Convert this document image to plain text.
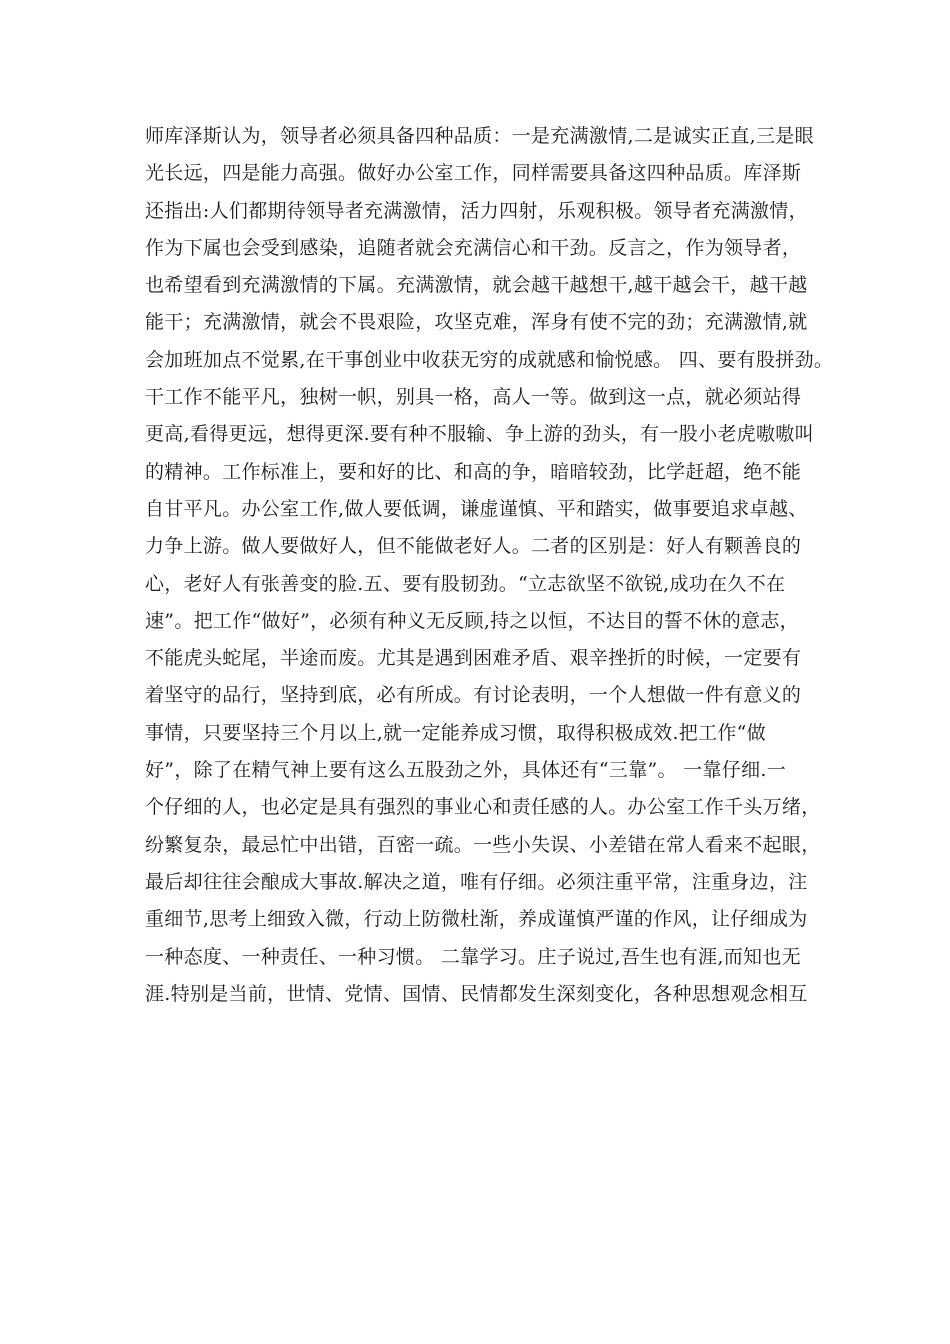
师库泽斯认为，领导者必须具备四种品质：一是充满激情,二是诚实正直,三是眼
光长远，四是能力高强。做好办公室工作，同样需要具备这四种品质。库泽斯
还指出:人们都期待领导者充满激情，活力四射，乐观积极。领导者充满激情，
作为下属也会受到感染，追随者就会充满信心和干劲。反言之，作为领导者，
也希望看到充满激情的下属。充满激情，就会越干越想干,越干越会干，越干越
能干；充满激情，就会不畏艰险，攻坚克难，浑身有使不完的劲；充满激情,就
会加班加点不觉累,在干事创业中收获无穷的成就感和愉悦感。 四、要有股拼劲。
干工作不能平凡，独树一帜，别具一格，高人一等。做到这一点，就必须站得
更高,看得更远，想得更深.要有种不服输、争上游的劲头，有一股小老虎嗷嗷叫
的精神。工作标准上，要和好的比、和高的争，暗暗较劲，比学赶超，绝不能
自甘平凡。办公室工作,做人要低调，谦虚谨慎、平和踏实，做事要追求卓越、
力争上游。做人要做好人，但不能做老好人。二者的区别是：好人有颗善良的
心，老好人有张善变的脸.五、要有股韧劲。“立志欲坚不欲锐,成功在久不在
速”。把工作“做好”，必须有种义无反顾,持之以恒，不达目的誓不休的意志，
不能虎头蛇尾，半途而废。尤其是遇到困难矛盾、艰辛挫折的时候，一定要有
着坚守的品行，坚持到底，必有所成。有讨论表明，一个人想做一件有意义的
事情，只要坚持三个月以上,就一定能养成习惯，取得积极成效.把工作“做
好”，除了在精气神上要有这么五股劲之外，具体还有“三靠”。 一靠仔细.一
个仔细的人，也必定是具有强烈的事业心和责任感的人。办公室工作千头万绪，
纷繁复杂，最忌忙中出错，百密一疏。一些小失误、小差错在常人看来不起眼，
最后却往往会酿成大事故.解决之道，唯有仔细。必须注重平常，注重身边，注
重细节,思考上细致入微，行动上防微杜渐，养成谨慎严谨的作风，让仔细成为
一种态度、一种责任、一种习惯。 二靠学习。庄子说过,吾生也有涯,而知也无
涯.特别是当前，世情、党情、国情、民情都发生深刻变化，各种思想观念相互
